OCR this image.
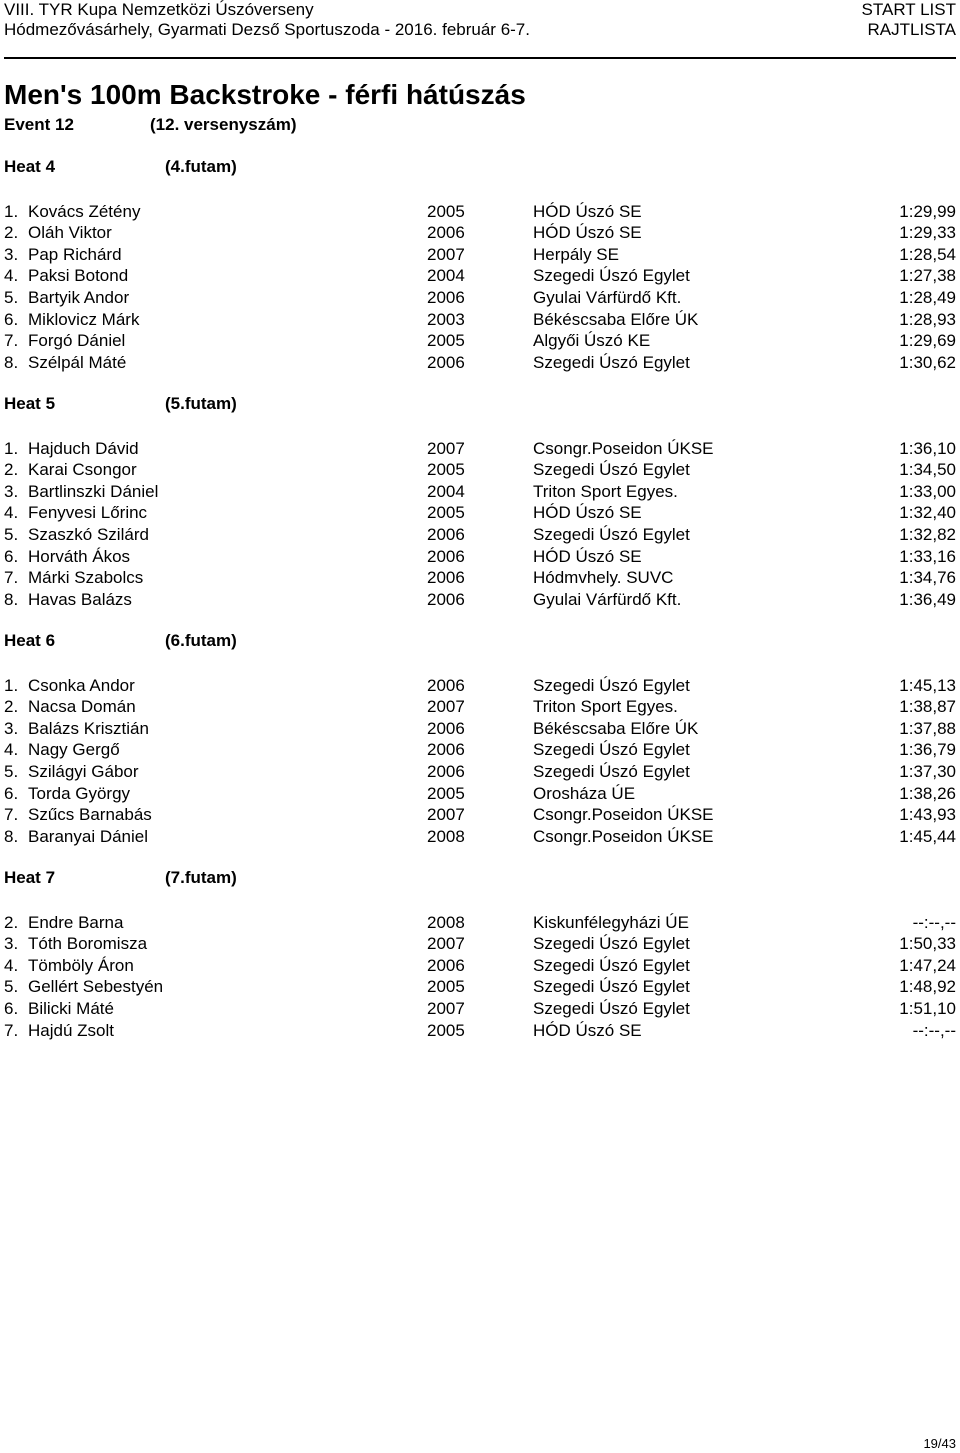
VIII. TYR Kupa Nemzetközi Úszóverseny
Hódmezővásárhely, Gyarmati Dezső Sportuszoda - 2016. február 6-7.
START LIST
RAJTLISTA
Men's 100m Backstroke - férfi hátúszás
Event 12	(12. versenyszám)
Heat 4	(4.futam)
1. Kovács Zétény	2005	HÓD Úszó SE	1:29,99
2. Oláh Viktor	2006	HÓD Úszó SE	1:29,33
3. Pap Richárd	2007	Herpály SE	1:28,54
4. Paksi Botond	2004	Szegedi Úszó Egylet	1:27,38
5. Bartyik Andor	2006	Gyulai Várfürdő Kft.	1:28,49
6. Miklovicz Márk	2003	Békéscsaba Előre ÚK	1:28,93
7. Forgó Dániel	2005	Algyői Úszó KE	1:29,69
8. Szélpál Máté	2006	Szegedi Úszó Egylet	1:30,62
Heat 5	(5.futam)
1. Hajduch Dávid	2007	Csongr.Poseidon ÚKSE	1:36,10
2. Karai Csongor	2005	Szegedi Úszó Egylet	1:34,50
3. Bartlinszki Dániel	2004	Triton Sport Egyes.	1:33,00
4. Fenyvesi Lőrinc	2005	HÓD Úszó SE	1:32,40
5. Szaszkó Szilárd	2006	Szegedi Úszó Egylet	1:32,82
6. Horváth Ákos	2006	HÓD Úszó SE	1:33,16
7. Márki Szabolcs	2006	Hódmvhely. SUVC	1:34,76
8. Havas Balázs	2006	Gyulai Várfürdő Kft.	1:36,49
Heat 6	(6.futam)
1. Csonka Andor	2006	Szegedi Úszó Egylet	1:45,13
2. Nacsa Domán	2007	Triton Sport Egyes.	1:38,87
3. Balázs Krisztián	2006	Békéscsaba Előre ÚK	1:37,88
4. Nagy Gergő	2006	Szegedi Úszó Egylet	1:36,79
5. Szilágyi Gábor	2006	Szegedi Úszó Egylet	1:37,30
6. Torda György	2005	Orosháza ÚE	1:38,26
7. Szűcs Barnabás	2007	Csongr.Poseidon ÚKSE	1:43,93
8. Baranyai Dániel	2008	Csongr.Poseidon ÚKSE	1:45,44
Heat 7	(7.futam)
2. Endre Barna	2008	Kiskunfélegyházi ÚE	--:--,--
3. Tóth Boromisza	2007	Szegedi Úszó Egylet	1:50,33
4. Tömböly Áron	2006	Szegedi Úszó Egylet	1:47,24
5. Gellért Sebestyén	2005	Szegedi Úszó Egylet	1:48,92
6. Bilicki Máté	2007	Szegedi Úszó Egylet	1:51,10
7. Hajdú Zsolt	2005	HÓD Úszó SE	--:--,--
19/43
